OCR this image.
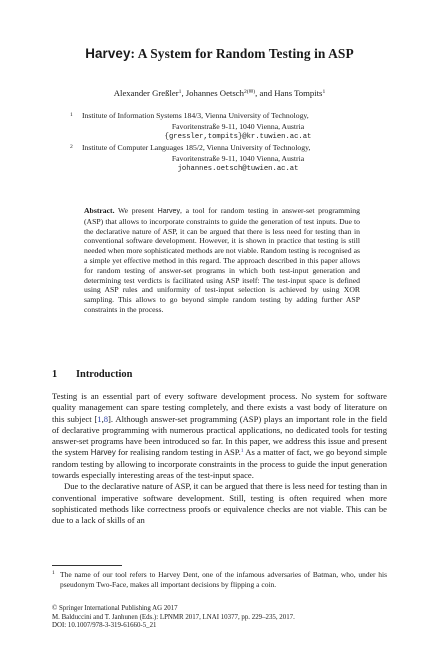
Harvey: A System for Random Testing in ASP
Alexander Greßler$^1$, Johannes Oetsch$^{2(✉)}$, and Hans Tompits$^1$
1	Institute of Information Systems 184/3, Vienna University of Technology,
Favoritenstraße 9-11, 1040 Vienna, Austria
{gressler,tompits}@kr.tuwien.ac.at
2	Institute of Computer Languages 185/2, Vienna University of Technology,
Favoritenstraße 9-11, 1040 Vienna, Austria
johannes.oetsch@tuwien.ac.at
Abstract. We present Harvey, a tool for random testing in answer-set programming (ASP) that allows to incorporate constraints to guide the generation of test inputs. Due to the declarative nature of ASP, it can be argued that there is less need for testing than in conventional software development. However, it is shown in practice that testing is still needed when more sophisticated methods are not viable. Random testing is recognised as a simple yet effective method in this regard. The approach described in this paper allows for random testing of answer-set programs in which both test-input generation and determining test verdicts is facilitated using ASP itself: The test-input space is defined using ASP rules and uniformity of test-input selection is achieved by using XOR sampling. This allows to go beyond simple random testing by adding further ASP constraints in the process.
1 Introduction

Testing is an essential part of every software development process. No system for software quality management can spare testing completely, and there exists a vast body of literature on this subject [1,8]. Although answer-set programming (ASP) plays an important role in the field of declarative programming with numerous practical applications, no dedicated tools for testing answer-set programs have been introduced so far. In this paper, we address this issue and present the system Harvey for realising random testing in ASP.$^1$ As a matter of fact, we go beyond simple random testing by allowing to incorporate constraints in the process to guide the input generation towards especially interesting areas of the test-input space.

Due to the declarative nature of ASP, it can be argued that there is less need for testing than in conventional imperative software development. Still, testing is often required when more sophisticated methods like correctness proofs or equivalence checks are not viable. This can be due to a lack of skills of an

1 The name of our tool refers to Harvey Dent, one of the infamous adversaries of Batman, who, under his pseudonym Two-Face, makes all important decisions by flipping a coin.
© Springer International Publishing AG 2017
M. Balduccini and T. Janhunen (Eds.): LPNMR 2017, LNAI 10377, pp. 229–235, 2017.
DOI: 10.1007/978-3-319-61660-5_21
